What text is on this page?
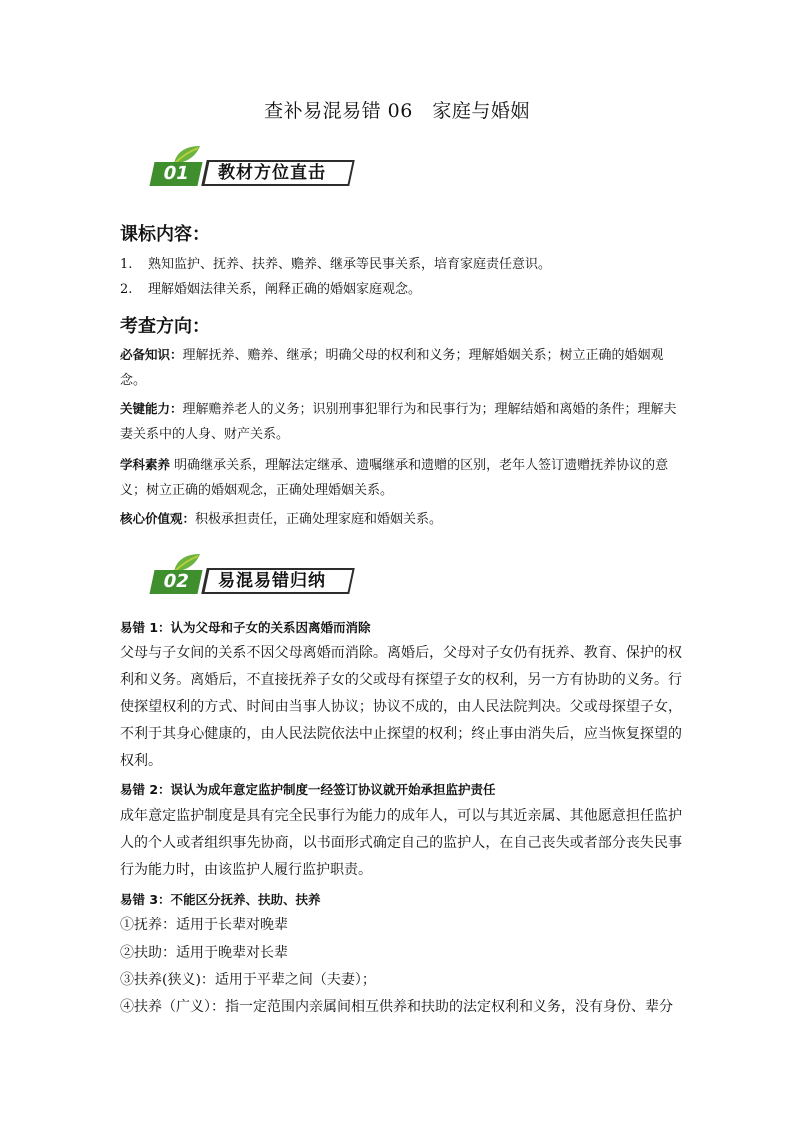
查补易混易错 06　家庭与婚姻
01	教材方位直击
课标内容：
1. 熟知监护、抚养、扶养、赡养、继承等民事关系，培育家庭责任意识。
2. 理解婚姻法律关系，阐释正确的婚姻家庭观念。
考查方向：
必备知识：理解抚养、赡养、继承；明确父母的权利和义务；理解婚姻关系；树立正确的婚姻观念。
关键能力：理解赡养老人的义务；识别刑事犯罪行为和民事行为；理解结婚和离婚的条件；理解夫妻关系中的人身、财产关系。
学科素养 明确继承关系，理解法定继承、遗嘱继承和遗赠的区别，老年人签订遗赠抚养协议的意义；树立正确的婚姻观念，正确处理婚姻关系。
核心价值观：积极承担责任，正确处理家庭和婚姻关系。
02	易混易错归纳
易错 1：认为父母和子女的关系因离婚而消除
父母与子女间的关系不因父母离婚而消除。离婚后，父母对子女仍有抚养、教育、保护的权利和义务。离婚后，不直接抚养子女的父或母有探望子女的权利，另一方有协助的义务。行使探望权利的方式、时间由当事人协议；协议不成的，由人民法院判决。父或母探望子女，不利于其身心健康的，由人民法院依法中止探望的权利；终止事由消失后，应当恢复探望的权利。
易错 2：误认为成年意定监护制度一经签订协议就开始承担监护责任
成年意定监护制度是具有完全民事行为能力的成年人，可以与其近亲属、其他愿意担任监护人的个人或者组织事先协商，以书面形式确定自己的监护人，在自己丧失或者部分丧失民事行为能力时，由该监护人履行监护职责。
易错 3：不能区分抚养、扶助、扶养
①抚养：适用于长辈对晚辈
②扶助：适用于晚辈对长辈
③扶养(狭义)：适用于平辈之间（夫妻）；
④扶养（广义）：指一定范围内亲属间相互供养和扶助的法定权利和义务，没有身份、辈分
